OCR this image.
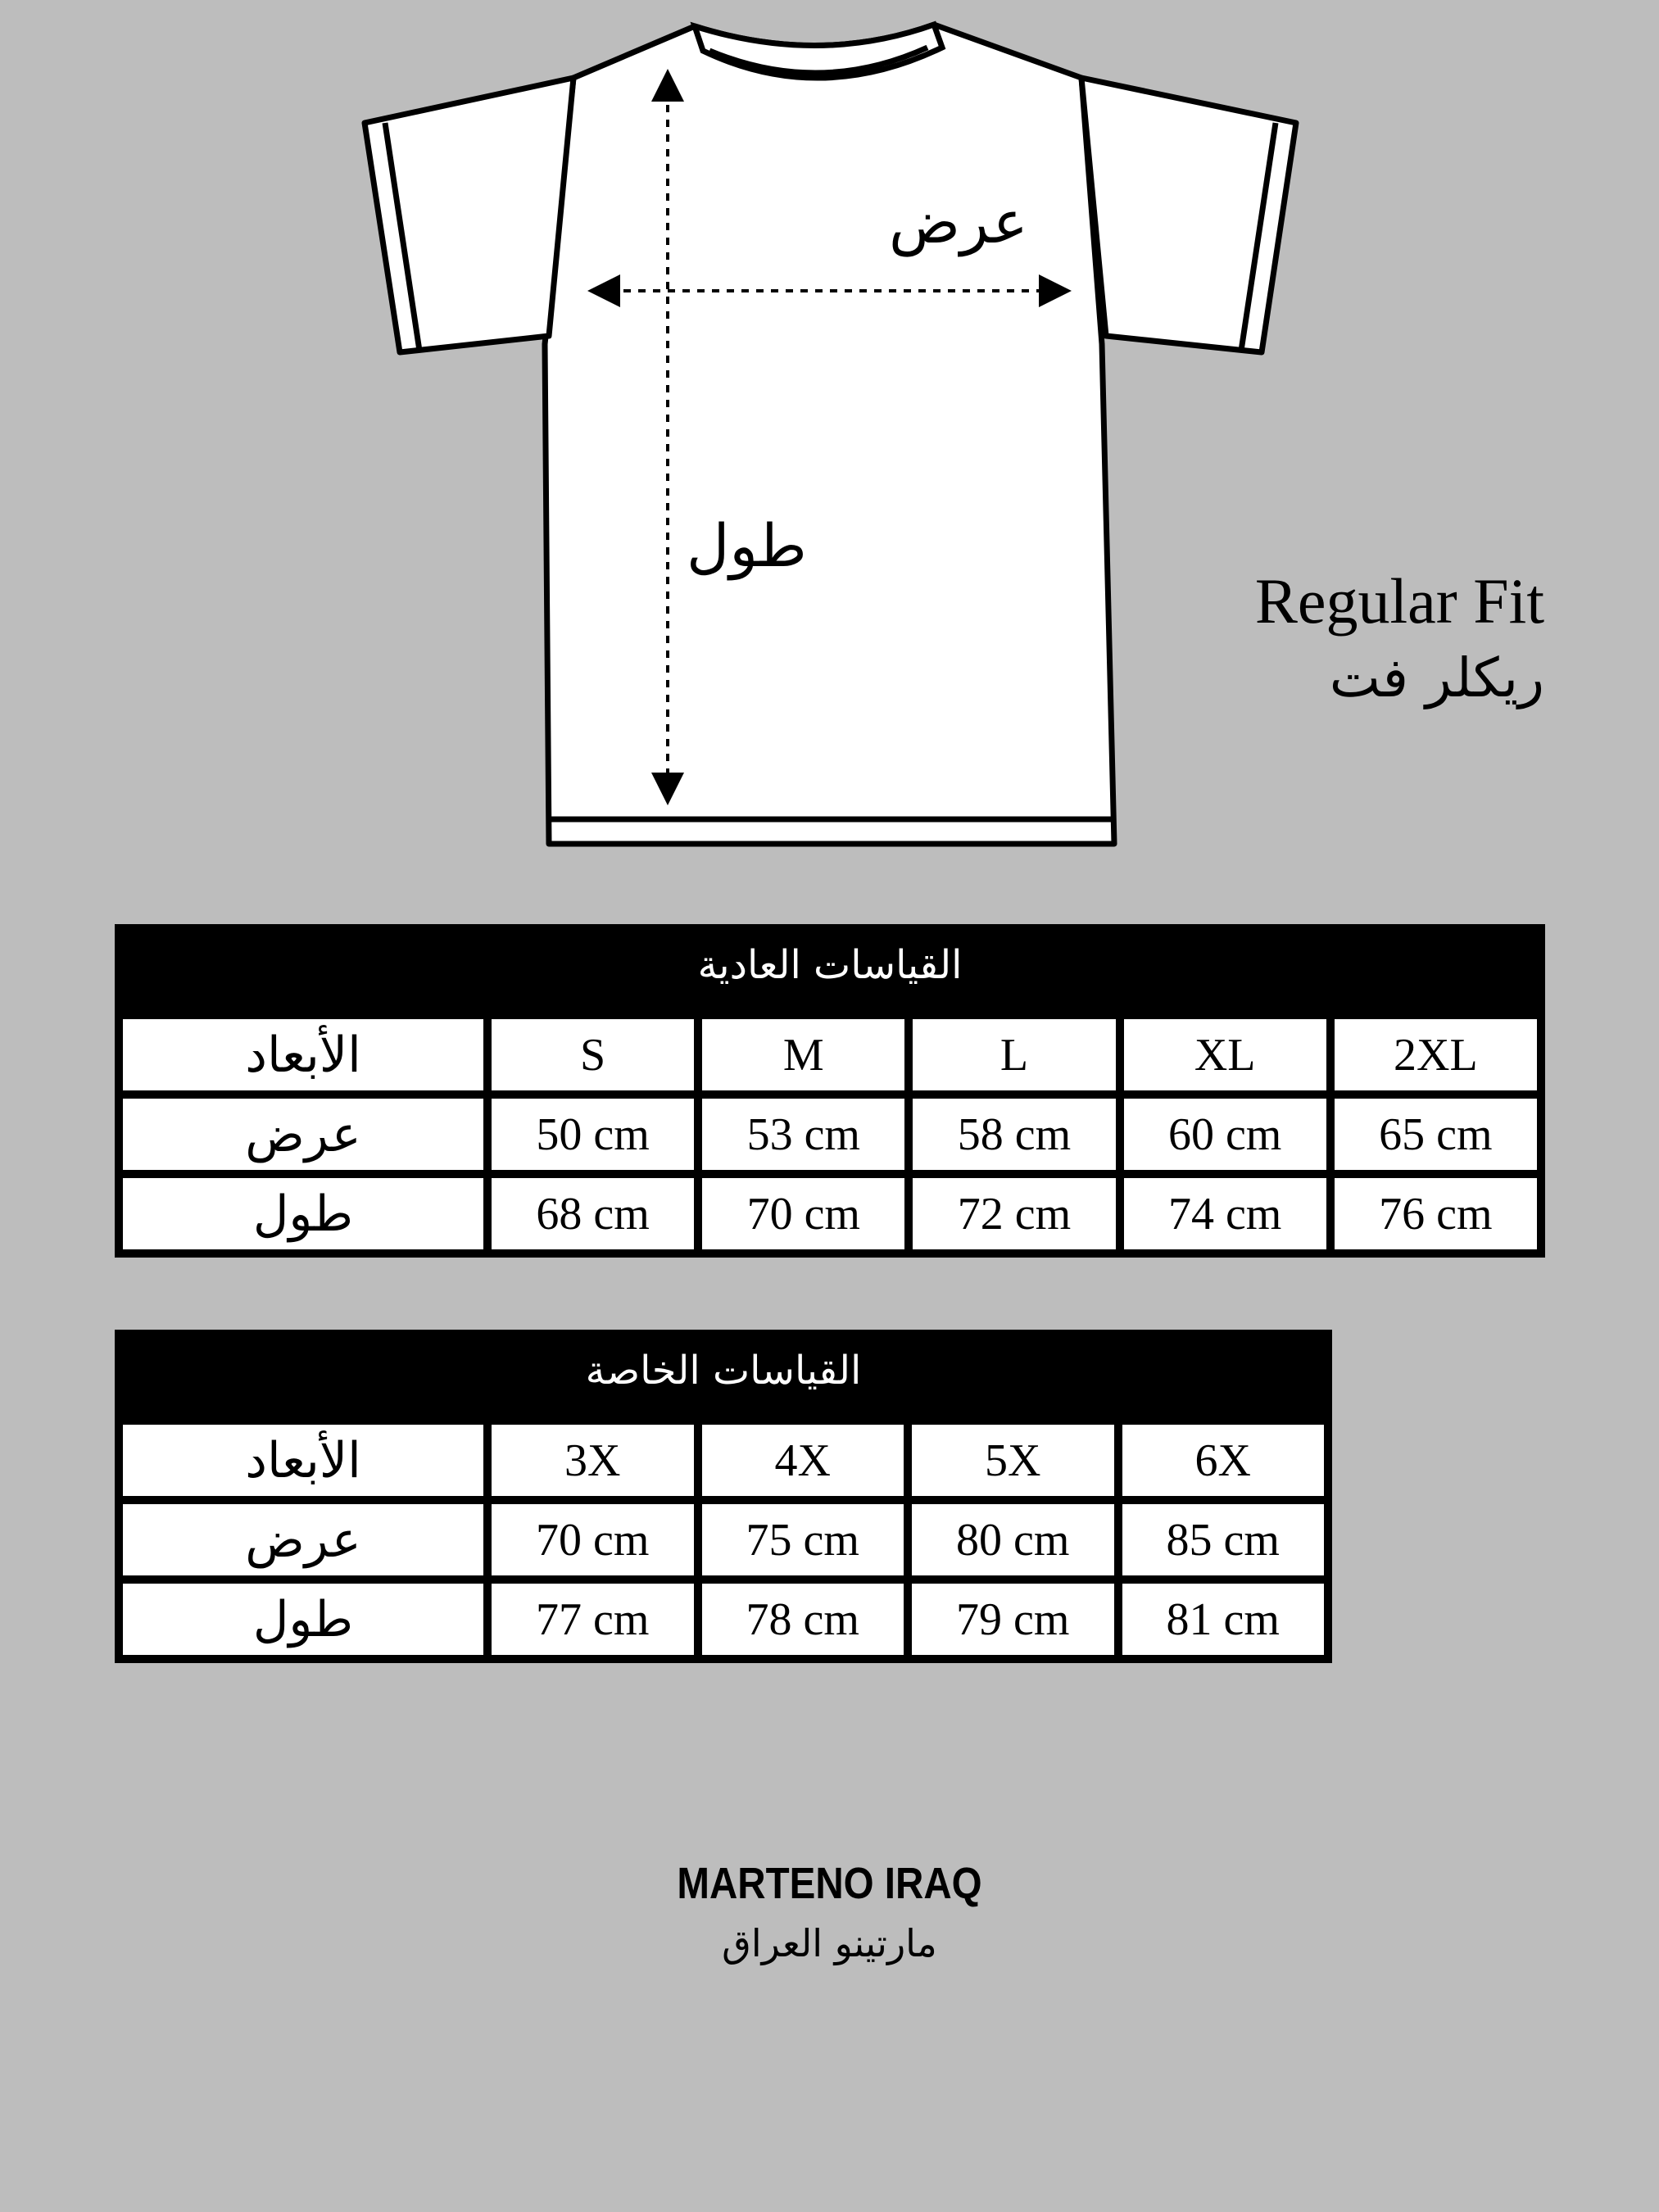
عرض
طول
Regular Fit
ريكلر فت
القياسات العادية
الأبعاد	S	M	L	XL	2XL
عرض	50 cm	53 cm	58 cm	60 cm	65 cm
طول	68 cm	70 cm	72 cm	74 cm	76 cm
القياسات الخاصة
الأبعاد	3X	4X	5X	6X
عرض	70 cm	75 cm	80 cm	85 cm
طول	77 cm	78 cm	79 cm	81 cm
MARTENO IRAQ
مارتينو العراق
